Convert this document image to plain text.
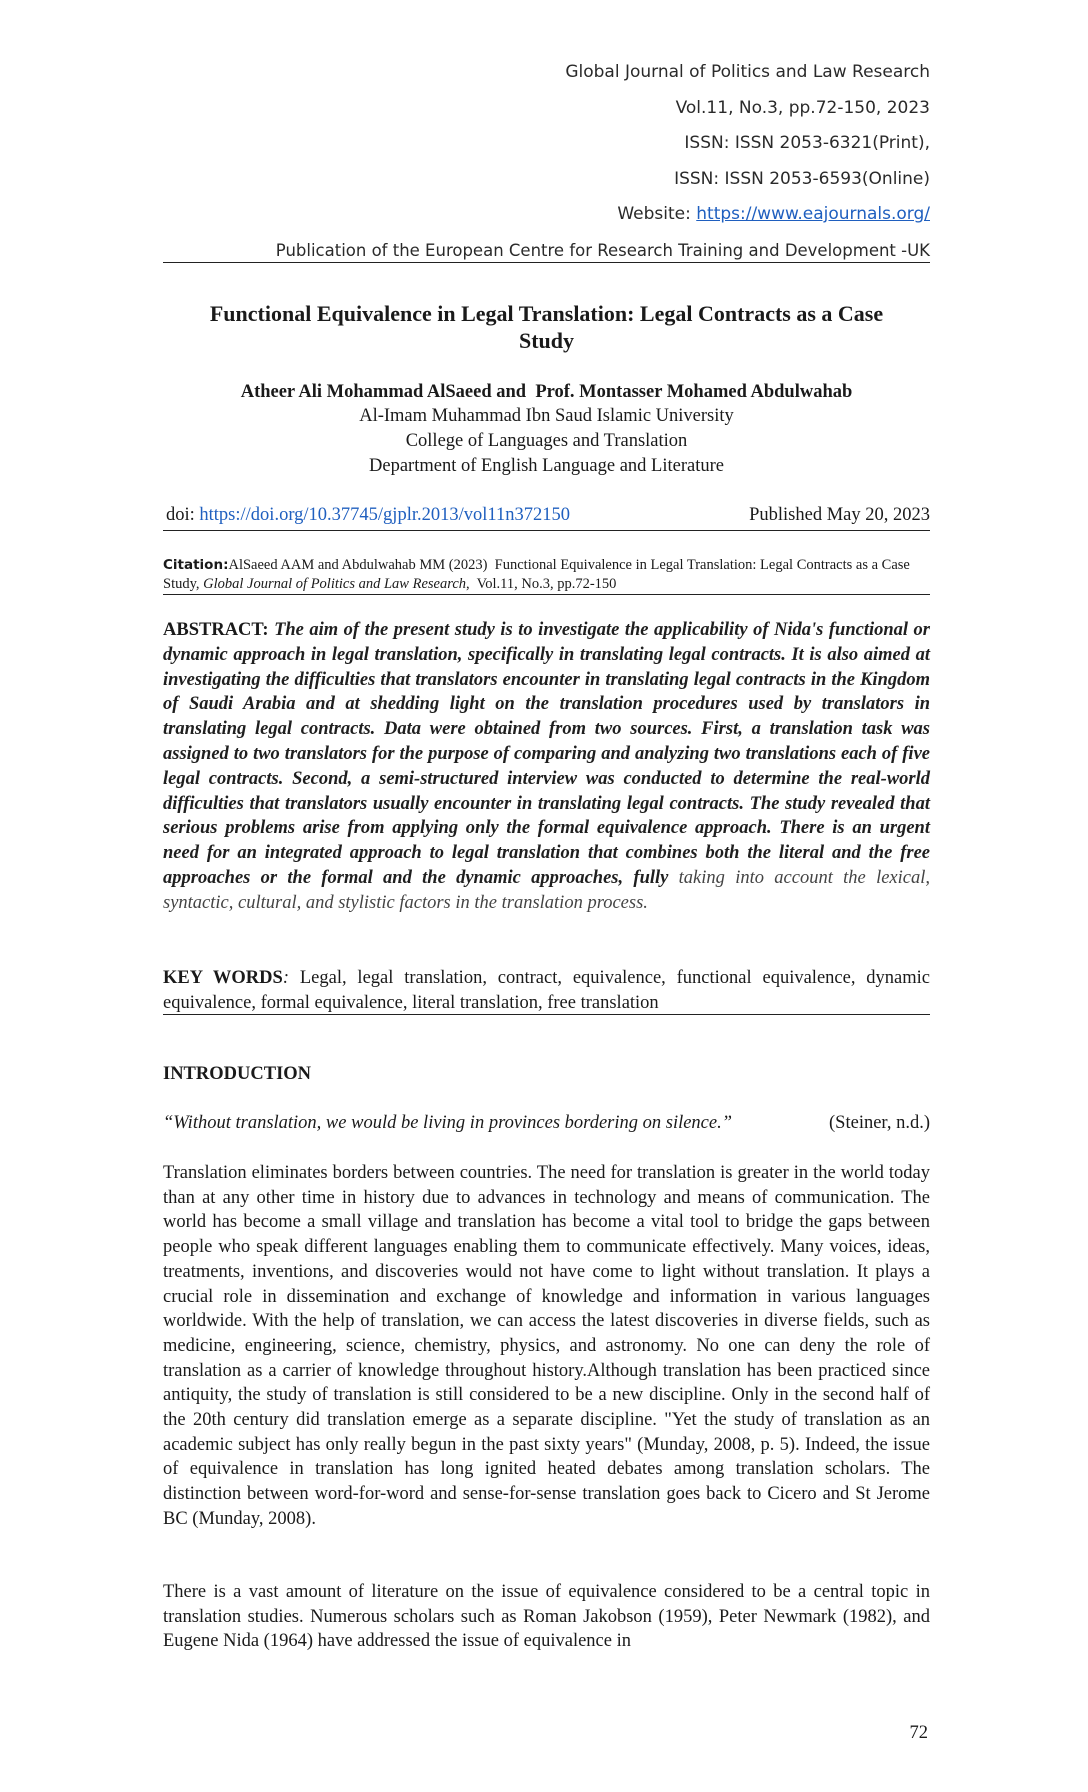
Global Journal of Politics and Law Research
Vol.11, No.3, pp.72-150, 2023
ISSN: ISSN 2053-6321(Print),
ISSN: ISSN 2053-6593(Online)
Website: https://www.eajournals.org/
Publication of the European Centre for Research Training and Development -UK
Functional Equivalence in Legal Translation: Legal Contracts as a Case
Study
Atheer Ali Mohammad AlSaeed and  Prof. Montasser Mohamed Abdulwahab
Al-Imam Muhammad Ibn Saud Islamic University
College of Languages and Translation
Department of English Language and Literature
doi: https://doi.org/10.37745/gjplr.2013/vol11n372150	Published May 20, 2023
Citation:AlSaeed AAM and Abdulwahab MM (2023)  Functional Equivalence in Legal Translation: Legal Contracts as a Case Study, Global Journal of Politics and Law Research,  Vol.11, No.3, pp.72-150
ABSTRACT: The aim of the present study is to investigate the applicability of Nida's functional or dynamic approach in legal translation, specifically in translating legal contracts. It is also aimed at investigating the difficulties that translators encounter in translating legal contracts in the Kingdom of Saudi Arabia and at shedding light on the translation procedures used by translators in translating legal contracts. Data were obtained from two sources. First, a translation task was assigned to two translators for the purpose of comparing and analyzing two translations each of five legal contracts. Second, a semi-structured interview was conducted to determine the real-world difficulties that translators usually encounter in translating legal contracts. The study revealed that serious problems arise from applying only the formal equivalence approach. There is an urgent need for an integrated approach to legal translation that combines both the literal and the free approaches or the formal and the dynamic approaches, fully taking into account the lexical, syntactic, cultural, and stylistic factors in the translation process.
KEY WORDS: Legal, legal translation, contract, equivalence, functional equivalence, dynamic equivalence, formal equivalence, literal translation, free translation
INTRODUCTION
“Without translation, we would be living in provinces bordering on silence.”	(Steiner, n.d.)
Translation eliminates borders between countries. The need for translation is greater in the world today than at any other time in history due to advances in technology and means of communication. The world has become a small village and translation has become a vital tool to bridge the gaps between people who speak different languages enabling them to communicate effectively. Many voices, ideas, treatments, inventions, and discoveries would not have come to light without translation. It plays a crucial role in dissemination and exchange of knowledge and information in various languages worldwide. With the help of translation, we can access the latest discoveries in diverse fields, such as medicine, engineering, science, chemistry, physics, and astronomy. No one can deny the role of translation as a carrier of knowledge throughout history.Although translation has been practiced since antiquity, the study of translation is still considered to be a new discipline. Only in the second half of the 20th century did translation emerge as a separate discipline. "Yet the study of translation as an academic subject has only really begun in the past sixty years" (Munday, 2008, p. 5). Indeed, the issue of equivalence in translation has long ignited heated debates among translation scholars. The distinction between word-for-word and sense-for-sense translation goes back to Cicero and St Jerome BC (Munday, 2008).
There is a vast amount of literature on the issue of equivalence considered to be a central topic in translation studies. Numerous scholars such as Roman Jakobson (1959), Peter Newmark (1982), and Eugene Nida (1964) have addressed the issue of equivalence in
72
